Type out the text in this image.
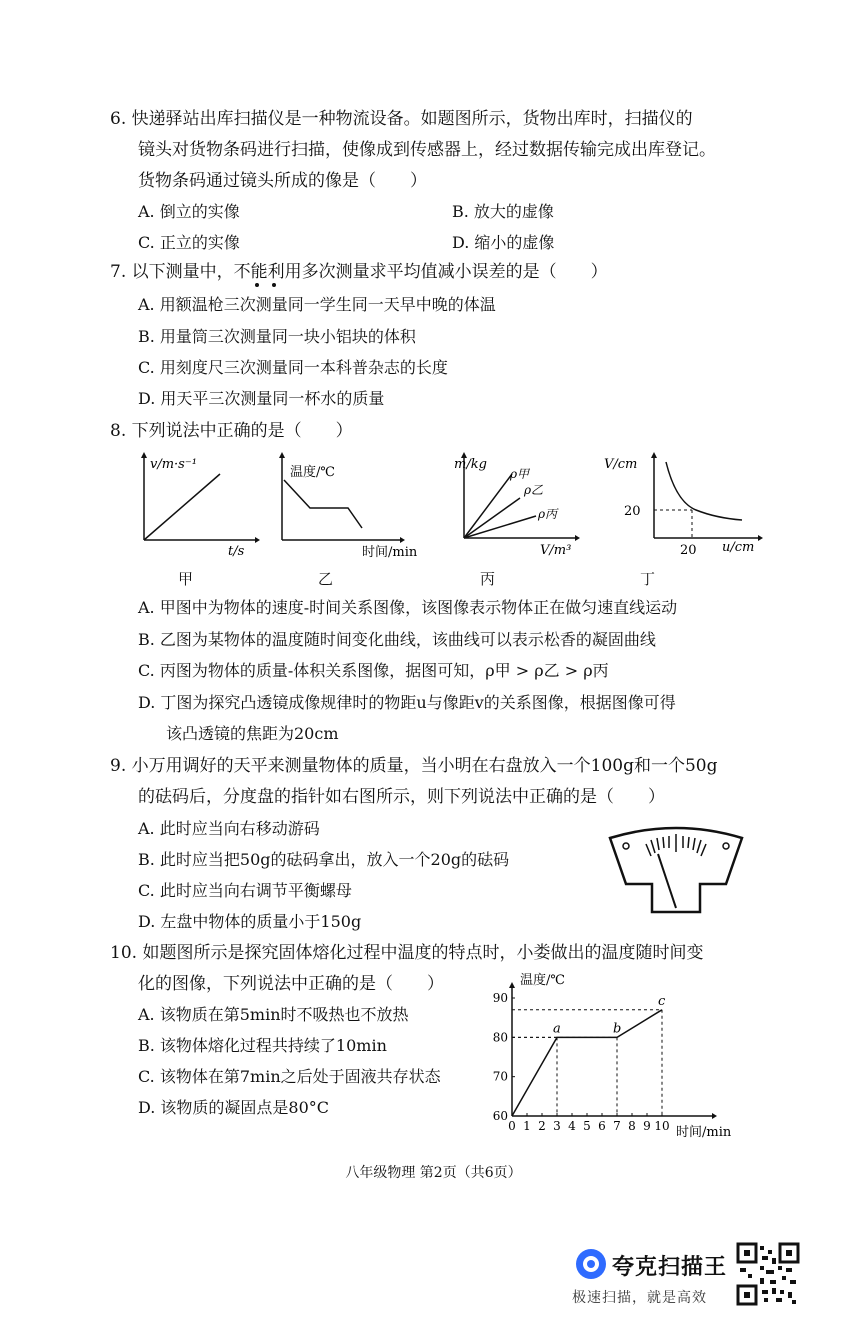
6. 快递驿站出库扫描仪是一种物流设备。如题图所示，货物出库时，扫描仪的
镜头对货物条码进行扫描，使像成到传感器上，经过数据传输完成出库登记。
货物条码通过镜头所成的像是（　　）
A. 倒立的实像	B. 放大的虚像
C. 正立的实像	D. 缩小的虚像
7. 以下测量中，不能利用多次测量求平均值减小误差的是（　　）
A. 用额温枪三次测量同一学生同一天早中晚的体温
B. 用量筒三次测量同一块小铝块的体积
C. 用刻度尺三次测量同一本科普杂志的长度
D. 用天平三次测量同一杯水的质量
8. 下列说法中正确的是（　　）
v/m·s⁻¹
t/s
甲
温度/℃
时间/min
乙
m/kg
ρ甲
ρ乙
ρ丙
V/m³
丙
V/cm
20
20 u/cm
丁
A. 甲图中为物体的速度-时间关系图像，该图像表示物体正在做匀速直线运动
B. 乙图为某物体的温度随时间变化曲线，该曲线可以表示松香的凝固曲线
C. 丙图为物体的质量-体积关系图像，据图可知，ρ甲 > ρ乙 > ρ丙
D. 丁图为探究凸透镜成像规律时的物距u与像距v的关系图像，根据图像可得
该凸透镜的焦距为20cm
9. 小万用调好的天平来测量物体的质量，当小明在右盘放入一个100g和一个50g
的砝码后，分度盘的指针如右图所示，则下列说法中正确的是（　　）
A. 此时应当向右移动游码
B. 此时应当把50g的砝码拿出，放入一个20g的砝码
C. 此时应当向右调节平衡螺母
D. 左盘中物体的质量小于150g
10. 如题图所示是探究固体熔化过程中温度的特点时，小娄做出的温度随时间变
化的图像，下列说法中正确的是（　　）
A. 该物质在第5min时不吸热也不放热
B. 该物体熔化过程共持续了10min
C. 该物体在第7min之后处于固液共存状态
D. 该物质的凝固点是80°C
0 1 2 3 4 5 6 7 8 9 10
60
70
80
90
a	b
c
温度/℃
时间/min
八年级物理 第2页（共6页）
夸克扫描王
极速扫描，就是高效
